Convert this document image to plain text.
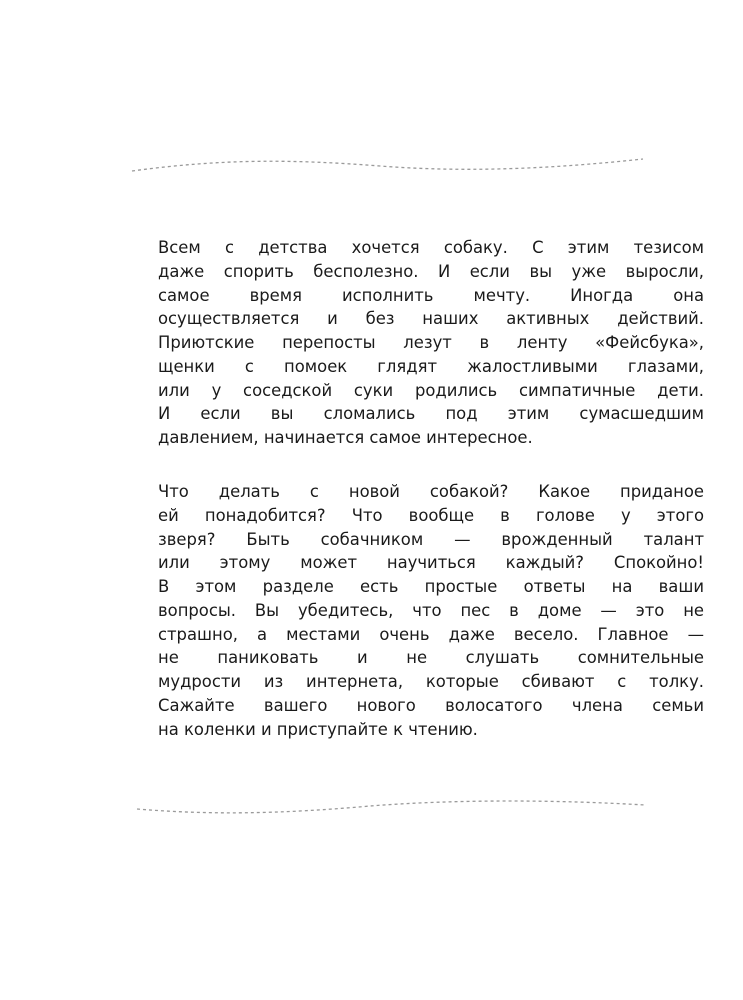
Всем с детства хочется собаку. С этим тезисом
даже спорить бесполезно. И если вы уже выросли,
самое время исполнить мечту. Иногда она
осуществляется и без наших активных действий.
Приютские перепосты лезут в ленту «Фейсбука»,
щенки с помоек глядят жалостливыми глазами,
или у соседской суки родились симпатичные дети.
И если вы сломались под этим сумасшедшим
давлением, начинается самое интересное.
Что делать с новой собакой? Какое приданое
ей понадобится? Что вообще в голове у этого
зверя? Быть собачником — врожденный талант
или этому может научиться каждый? Спокойно!
В этом разделе есть простые ответы на ваши
вопросы. Вы убедитесь, что пес в доме — это не
страшно, а местами очень даже весело. Главное —
не паниковать и не слушать сомнительные
мудрости из интернета, которые сбивают с толку.
Сажайте вашего нового волосатого члена семьи
на коленки и приступайте к чтению.
